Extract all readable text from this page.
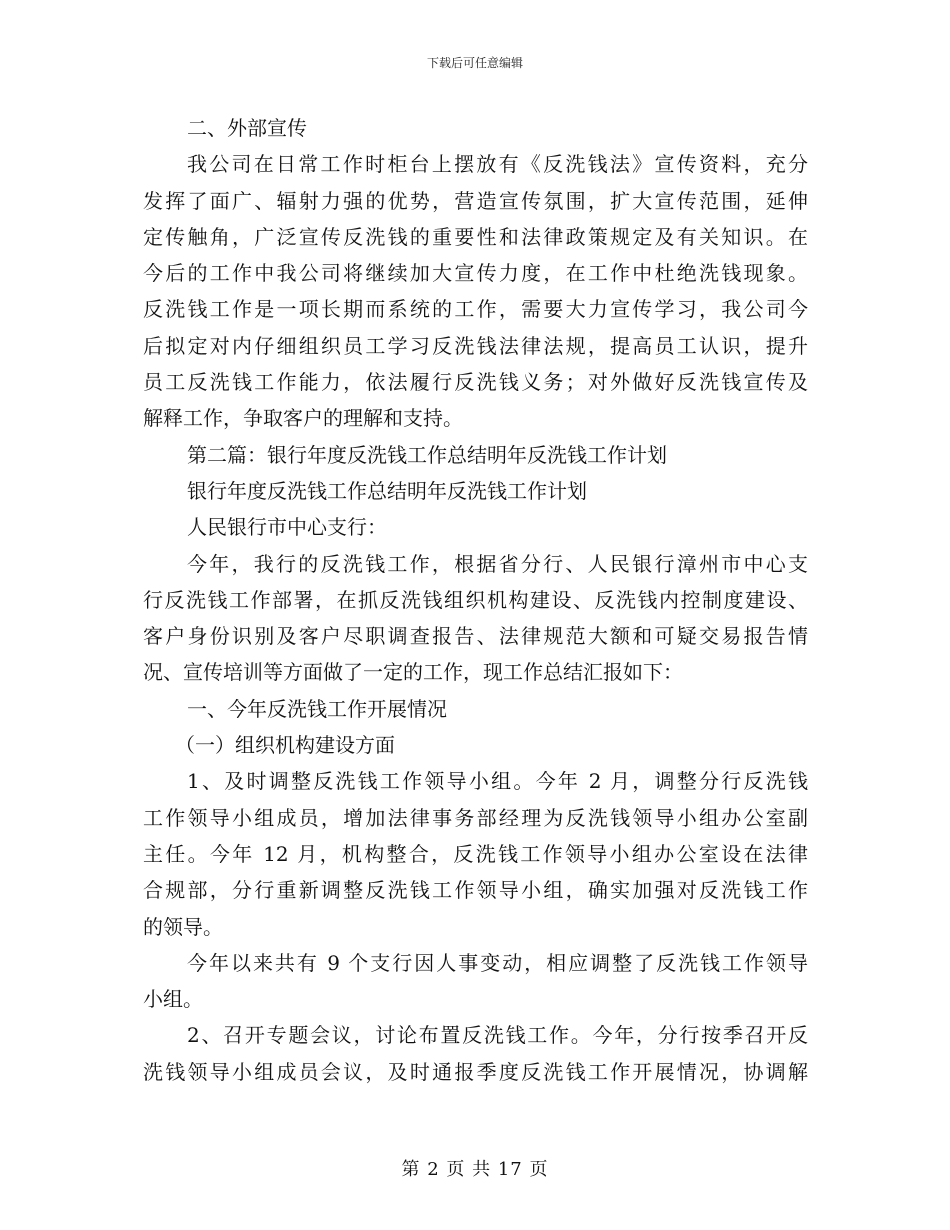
下载后可任意编辑
二、外部宣传
我公司在日常工作时柜台上摆放有《反洗钱法》宣传资料，充分
发挥了面广、辐射力强的优势，营造宣传氛围，扩大宣传范围，延伸
定传触角，广泛宣传反洗钱的重要性和法律政策规定及有关知识。在
今后的工作中我公司将继续加大宣传力度，在工作中杜绝洗钱现象。
反洗钱工作是一项长期而系统的工作，需要大力宣传学习，我公司今
后拟定对内仔细组织员工学习反洗钱法律法规，提高员工认识，提升
员工反洗钱工作能力，依法履行反洗钱义务；对外做好反洗钱宣传及
解释工作，争取客户的理解和支持。
第二篇：银行年度反洗钱工作总结明年反洗钱工作计划
银行年度反洗钱工作总结明年反洗钱工作计划
人民银行市中心支行：
今年，我行的反洗钱工作，根据省分行、人民银行漳州市中心支
行反洗钱工作部署，在抓反洗钱组织机构建设、反洗钱内控制度建设、
客户身份识别及客户尽职调查报告、法律规范大额和可疑交易报告情
况、宣传培训等方面做了一定的工作，现工作总结汇报如下：
一、今年反洗钱工作开展情况
（一）组织机构建设方面
1、及时调整反洗钱工作领导小组。今年 2 月，调整分行反洗钱
工作领导小组成员，增加法律事务部经理为反洗钱领导小组办公室副
主任。今年 12 月，机构整合，反洗钱工作领导小组办公室设在法律
合规部，分行重新调整反洗钱工作领导小组，确实加强对反洗钱工作
的领导。
今年以来共有 9 个支行因人事变动，相应调整了反洗钱工作领导
小组。
2、召开专题会议，讨论布置反洗钱工作。今年，分行按季召开反
洗钱领导小组成员会议，及时通报季度反洗钱工作开展情况，协调解
第 2 页 共 17 页
